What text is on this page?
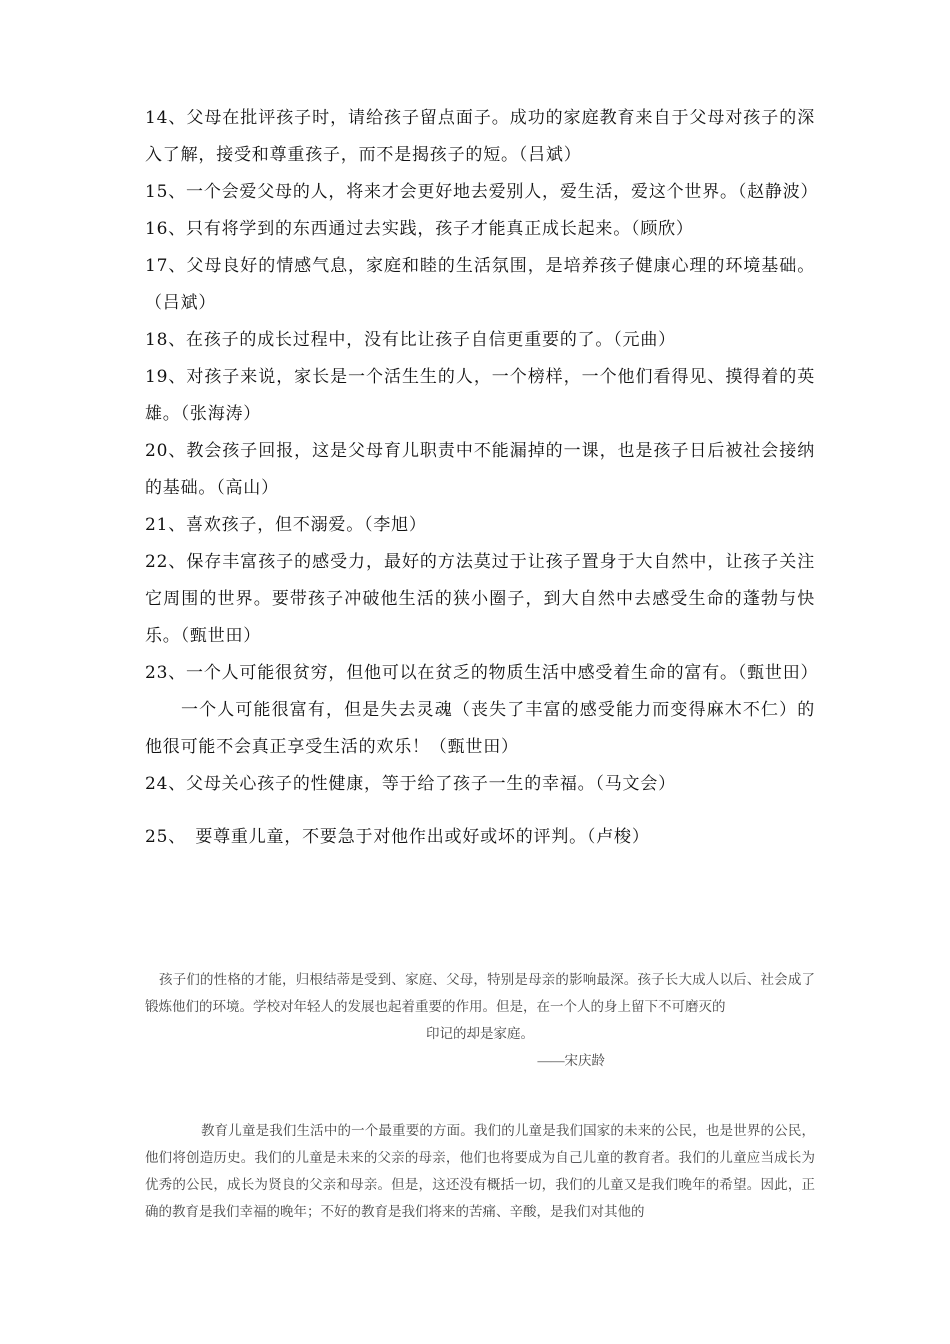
14、父母在批评孩子时，请给孩子留点面子。成功的家庭教育来自于父母对孩子的深入了解，接受和尊重孩子，而不是揭孩子的短。（吕斌）

15、一个会爱父母的人，将来才会更好地去爱别人，爱生活，爱这个世界。（赵静波）

16、只有将学到的东西通过去实践，孩子才能真正成长起来。（顾欣）

17、父母良好的情感气息，家庭和睦的生活氛围，是培养孩子健康心理的环境基础。（吕斌）

18、在孩子的成长过程中，没有比让孩子自信更重要的了。（元曲）

19、对孩子来说，家长是一个活生生的人，一个榜样，一个他们看得见、摸得着的英雄。（张海涛）

20、教会孩子回报，这是父母育儿职责中不能漏掉的一课，也是孩子日后被社会接纳的基础。（高山）

21、喜欢孩子，但不溺爱。（李旭）

22、保存丰富孩子的感受力，最好的方法莫过于让孩子置身于大自然中，让孩子关注它周围的世界。要带孩子冲破他生活的狭小圈子，到大自然中去感受生命的蓬勃与快乐。（甄世田）

23、一个人可能很贫穷，但他可以在贫乏的物质生活中感受着生命的富有。（甄世田）

一个人可能很富有，但是失去灵魂（丧失了丰富的感受能力而变得麻木不仁）的他很可能不会真正享受生活的欢乐！（甄世田）

24、父母关心孩子的性健康，等于给了孩子一生的幸福。（马文会）

25、　要尊重儿童，不要急于对他作出或好或坏的评判。（卢梭）

孩子们的性格的才能，归根结蒂是受到、家庭、父母，特别是母亲的影响最深。孩子长大成人以后、社会成了锻炼他们的环境。学校对年轻人的发展也起着重要的作用。但是，在一个人的身上留下不可磨灭的

印记的却是家庭。

——宋庆龄

教育儿童是我们生活中的一个最重要的方面。我们的儿童是我们国家的未来的公民，也是世界的公民，他们将创造历史。我们的儿童是未来的父亲的母亲，他们也将要成为自己儿童的教育者。我们的儿童应当成长为优秀的公民，成长为贤良的父亲和母亲。但是，这还没有概括一切，我们的儿童又是我们晚年的希望。因此，正确的教育是我们幸福的晚年；不好的教育是我们将来的苦痛、辛酸，是我们对其他的
